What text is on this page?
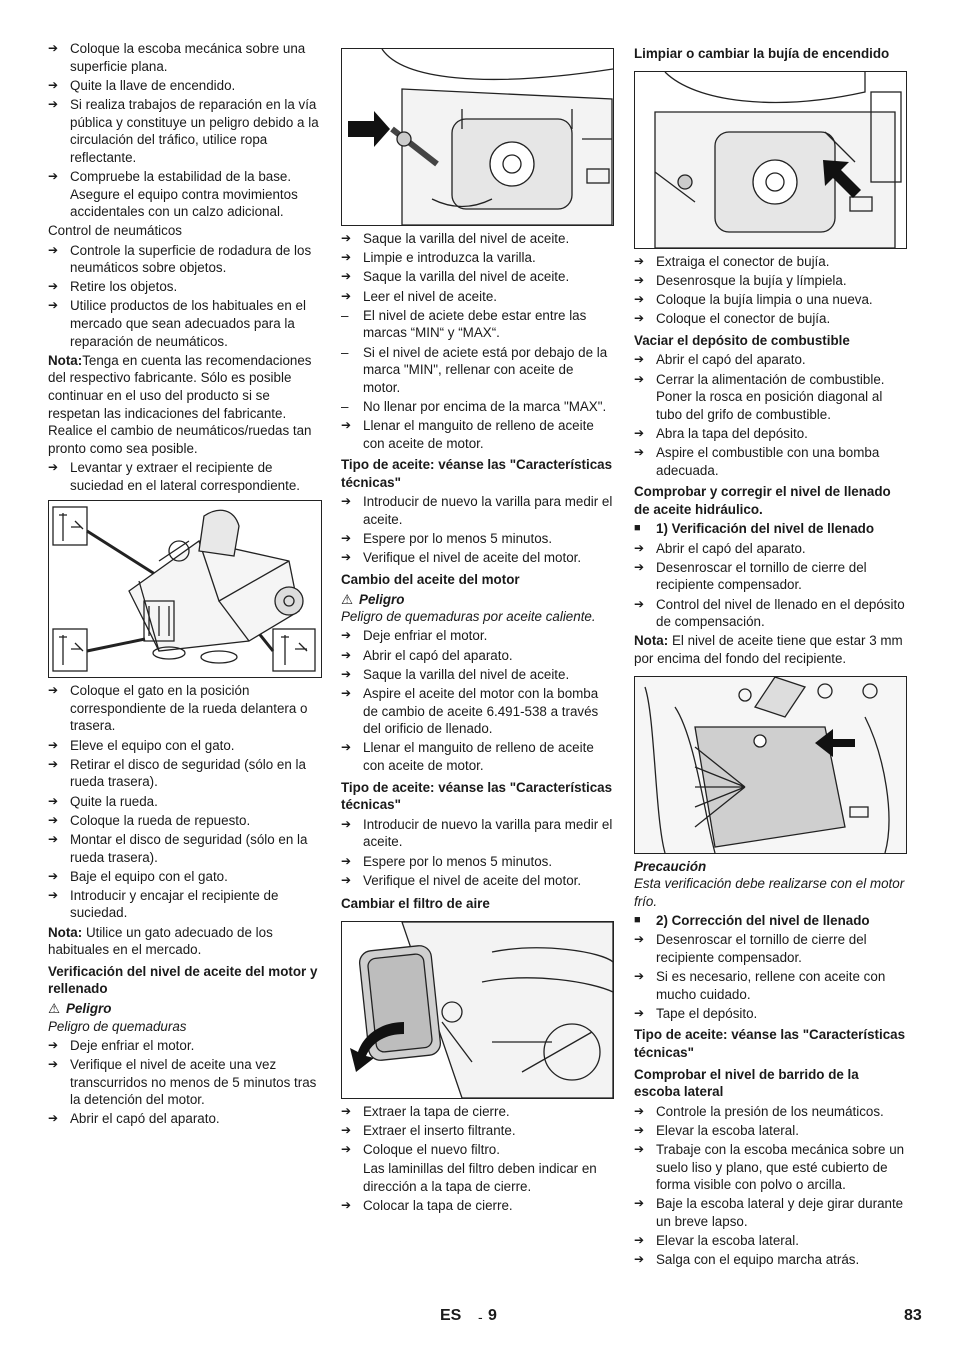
➔ Coloque la escoba mecánica sobre una superficie plana.
➔ Quite la llave de encendido.
➔ Si realiza trabajos de reparación en la vía pública y constituye un peligro debido a la circulación del tráfico, utilice ropa reflectante.
➔ Compruebe la estabilidad de la base. Asegure el equipo contra movimientos accidentales con un calzo adicional.
Control de neumáticos
➔ Controle la superficie de rodadura de los neumáticos sobre objetos.
➔ Retire los objetos.
➔ Utilice productos de los habituales en el mercado que sean adecuados para la reparación de neumáticos.
Nota:Tenga en cuenta las recomendaciones del respectivo fabricante. Sólo es posible continuar en el uso del producto si se respetan las indicaciones del fabricante. Realice el cambio de neumáticos/ruedas tan pronto como sea posible.
➔ Levantar y extraer el recipiente de suciedad en el lateral correspondiente.
➔ Coloque el gato en la posición correspondiente de la rueda delantera o trasera.
➔ Eleve el equipo con el gato.
➔ Retirar el disco de seguridad (sólo en la rueda trasera).
➔ Quite la rueda.
➔ Coloque la rueda de repuesto.
➔ Montar el disco de seguridad (sólo en la rueda trasera).
➔ Baje el equipo con el gato.
➔ Introducir y encajar el recipiente de suciedad.
Nota: Utilice un gato adecuado de los habituales en el mercado.
Verificación del nivel de aceite del motor y rellenado
⚠ Peligro
Peligro de quemaduras
➔ Deje enfriar el motor.
➔ Verifique el nivel de aceite una vez transcurridos no menos de 5 minutos tras la detención del motor.
➔ Abrir el capó del aparato.
➔ Saque la varilla del nivel de aceite.
➔ Limpie e introduzca la varilla.
➔ Saque la varilla del nivel de aceite.
➔ Leer el nivel de aceite.
–	El nivel de aciete debe estar entre las marcas “MIN“ y “MAX“.
–	Si el nivel de aciete está por debajo de la marca "MIN", rellenar con aceite de motor.
–	No llenar por encima de la marca "MAX".
➔ Llenar el manguito de relleno de aceite con aceite de motor.
Tipo de aceite: véanse las "Características técnicas"
➔ Introducir de nuevo la varilla para medir el aceite.
➔ Espere por lo menos 5 minutos.
➔ Verifique el nivel de aceite del motor.
Cambio del aceite del motor
⚠ Peligro
Peligro de quemaduras por aceite caliente.
➔ Deje enfriar el motor.
➔ Abrir el capó del aparato.
➔ Saque la varilla del nivel de aceite.
➔ Aspire el aceite del motor con la bomba de cambio de aceite 6.491-538 a través del orificio de llenado.
➔ Llenar el manguito de relleno de aceite con aceite de motor.
Tipo de aceite: véanse las "Características técnicas"
➔ Introducir de nuevo la varilla para medir el aceite.
➔ Espere por lo menos 5 minutos.
➔ Verifique el nivel de aceite del motor.
Cambiar el filtro de aire
➔ Extraer la tapa de cierre.
➔ Extraer el inserto filtrante.
➔ Coloque el nuevo filtro.
Las laminillas del filtro deben indicar en dirección a la tapa de cierre.
➔ Colocar la tapa de cierre.
Limpiar o cambiar la bujía de encendido
➔ Extraiga el conector de bujía.
➔ Desenrosque la bujía y límpiela.
➔ Coloque la bujía limpia o una nueva.
➔ Coloque el conector de bujía.
Vaciar el depósito de combustible
➔ Abrir el capó del aparato.
➔ Cerrar la alimentación de combustible. Poner la rosca en posición diagonal al tubo del grifo de combustible.
➔ Abra la tapa del depósito.
➔ Aspire el combustible con una bomba adecuada.
Comprobar y corregir el nivel de llenado de aceite hidráulico.
■	1) Verificación del nivel de llenado
➔ Abrir el capó del aparato.
➔ Desenroscar el tornillo de cierre del recipiente compensador.
➔ Control del nivel de llenado en el depósito de compensación.
Nota: El nivel de aceite tiene que estar 3 mm por encima del fondo del recipiente.
Precaución
Esta verificación debe realizarse con el motor frío.
■	2) Corrección del nivel de llenado
➔ Desenroscar el tornillo de cierre del recipiente compensador.
➔ Si es necesario, rellene con aceite con mucho cuidado.
➔ Tape el depósito.
Tipo de aceite: véanse las "Características técnicas"
Comprobar el nivel de barrido de la escoba lateral
➔ Controle la presión de los neumáticos.
➔ Elevar la escoba lateral.
➔ Trabaje con la escoba mecánica sobre un suelo liso y plano, que esté cubierto de forma visible con polvo o arcilla.
➔ Baje la escoba lateral y deje girar durante un breve lapso.
➔ Elevar la escoba lateral.
➔ Salga con el equipo marcha atrás.
ES - 9	83
